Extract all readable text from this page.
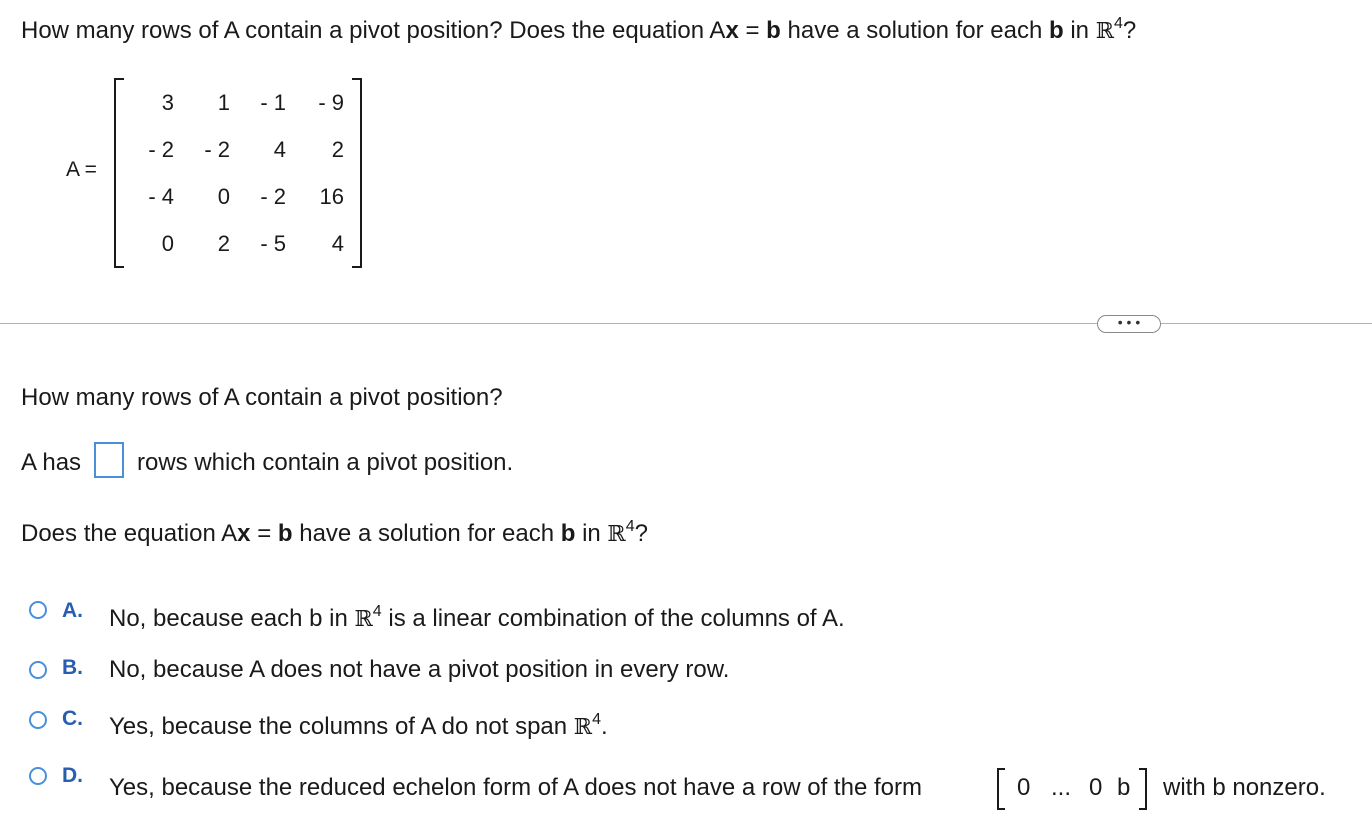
How many rows of A contain a pivot position? Does the equation Ax = b have a solution for each b in ℝ$^4$?
A =
3	1	- 1	- 9
- 2	- 2	4	2
- 4	0	- 2	16
0	2	- 5	4
• • •
How many rows of A contain a pivot position?
A has rows which contain a pivot position.
Does the equation Ax = b have a solution for each b in ℝ$^4$?
A. No, because each b in ℝ$^4$ is a linear combination of the columns of A.
B. No, because A does not have a pivot position in every row.
C. Yes, because the columns of A do not span ℝ$^4$.
D. Yes, because the reduced echelon form of A does not have a row of the form	0 ... 0 b with b nonzero.
